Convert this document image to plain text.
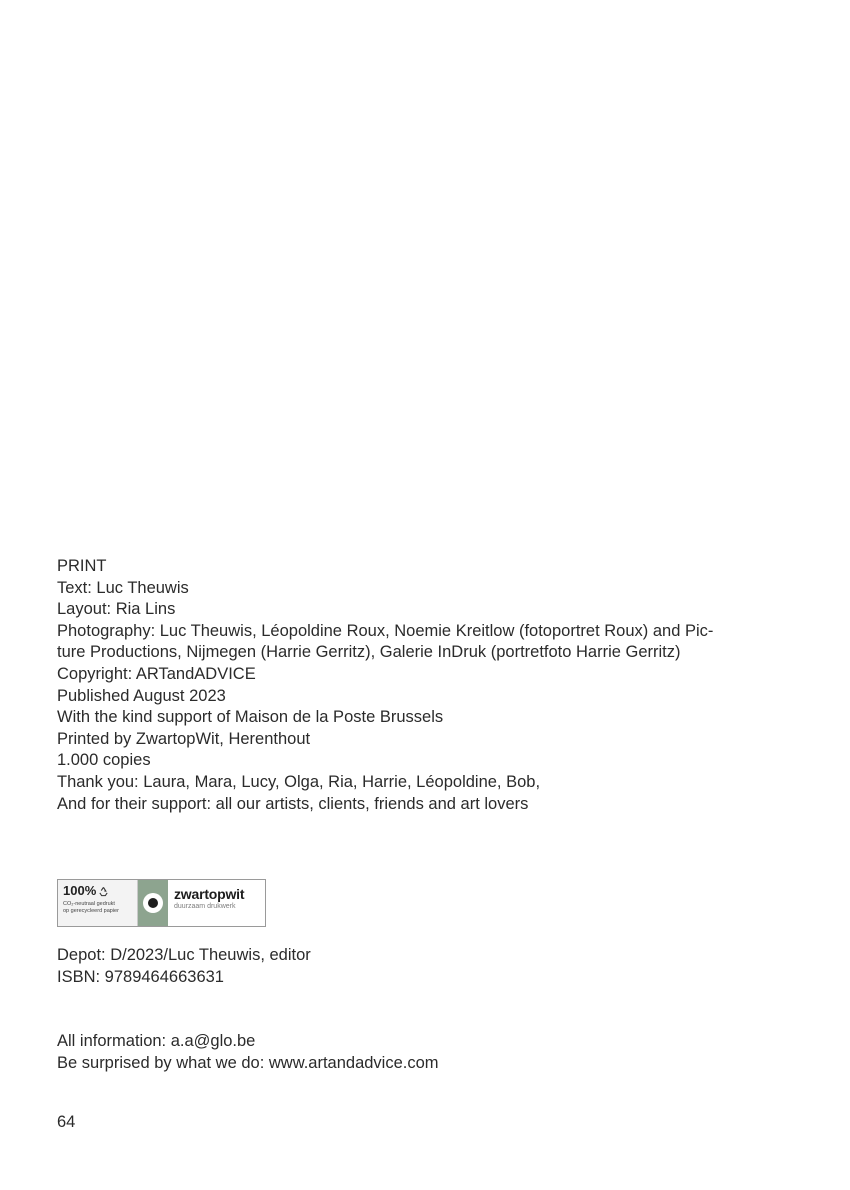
PRINT
Text: Luc Theuwis
Layout: Ria Lins
Photography: Luc Theuwis, Léopoldine Roux, Noemie Kreitlow (fotoportret Roux) and Pic-
ture Productions, Nijmegen (Harrie Gerritz), Galerie InDruk (portretfoto Harrie Gerritz)
Copyright: ARTandADVICE
Published August 2023
With the kind support of Maison de la Poste Brussels
Printed by ZwartopWit, Herenthout
1.000 copies
Thank you: Laura, Mara, Lucy, Olga, Ria, Harrie, Léopoldine, Bob,
And for their support: all our artists, clients, friends and art lovers
100%
CO₂-neutraal gedrukt
op gerecycleerd papier
zwartopwit
duurzaam drukwerk
Depot: D/2023/Luc Theuwis, editor
ISBN: 9789464663631
All information: a.a@glo.be
Be surprised by what we do: www.artandadvice.com
64
